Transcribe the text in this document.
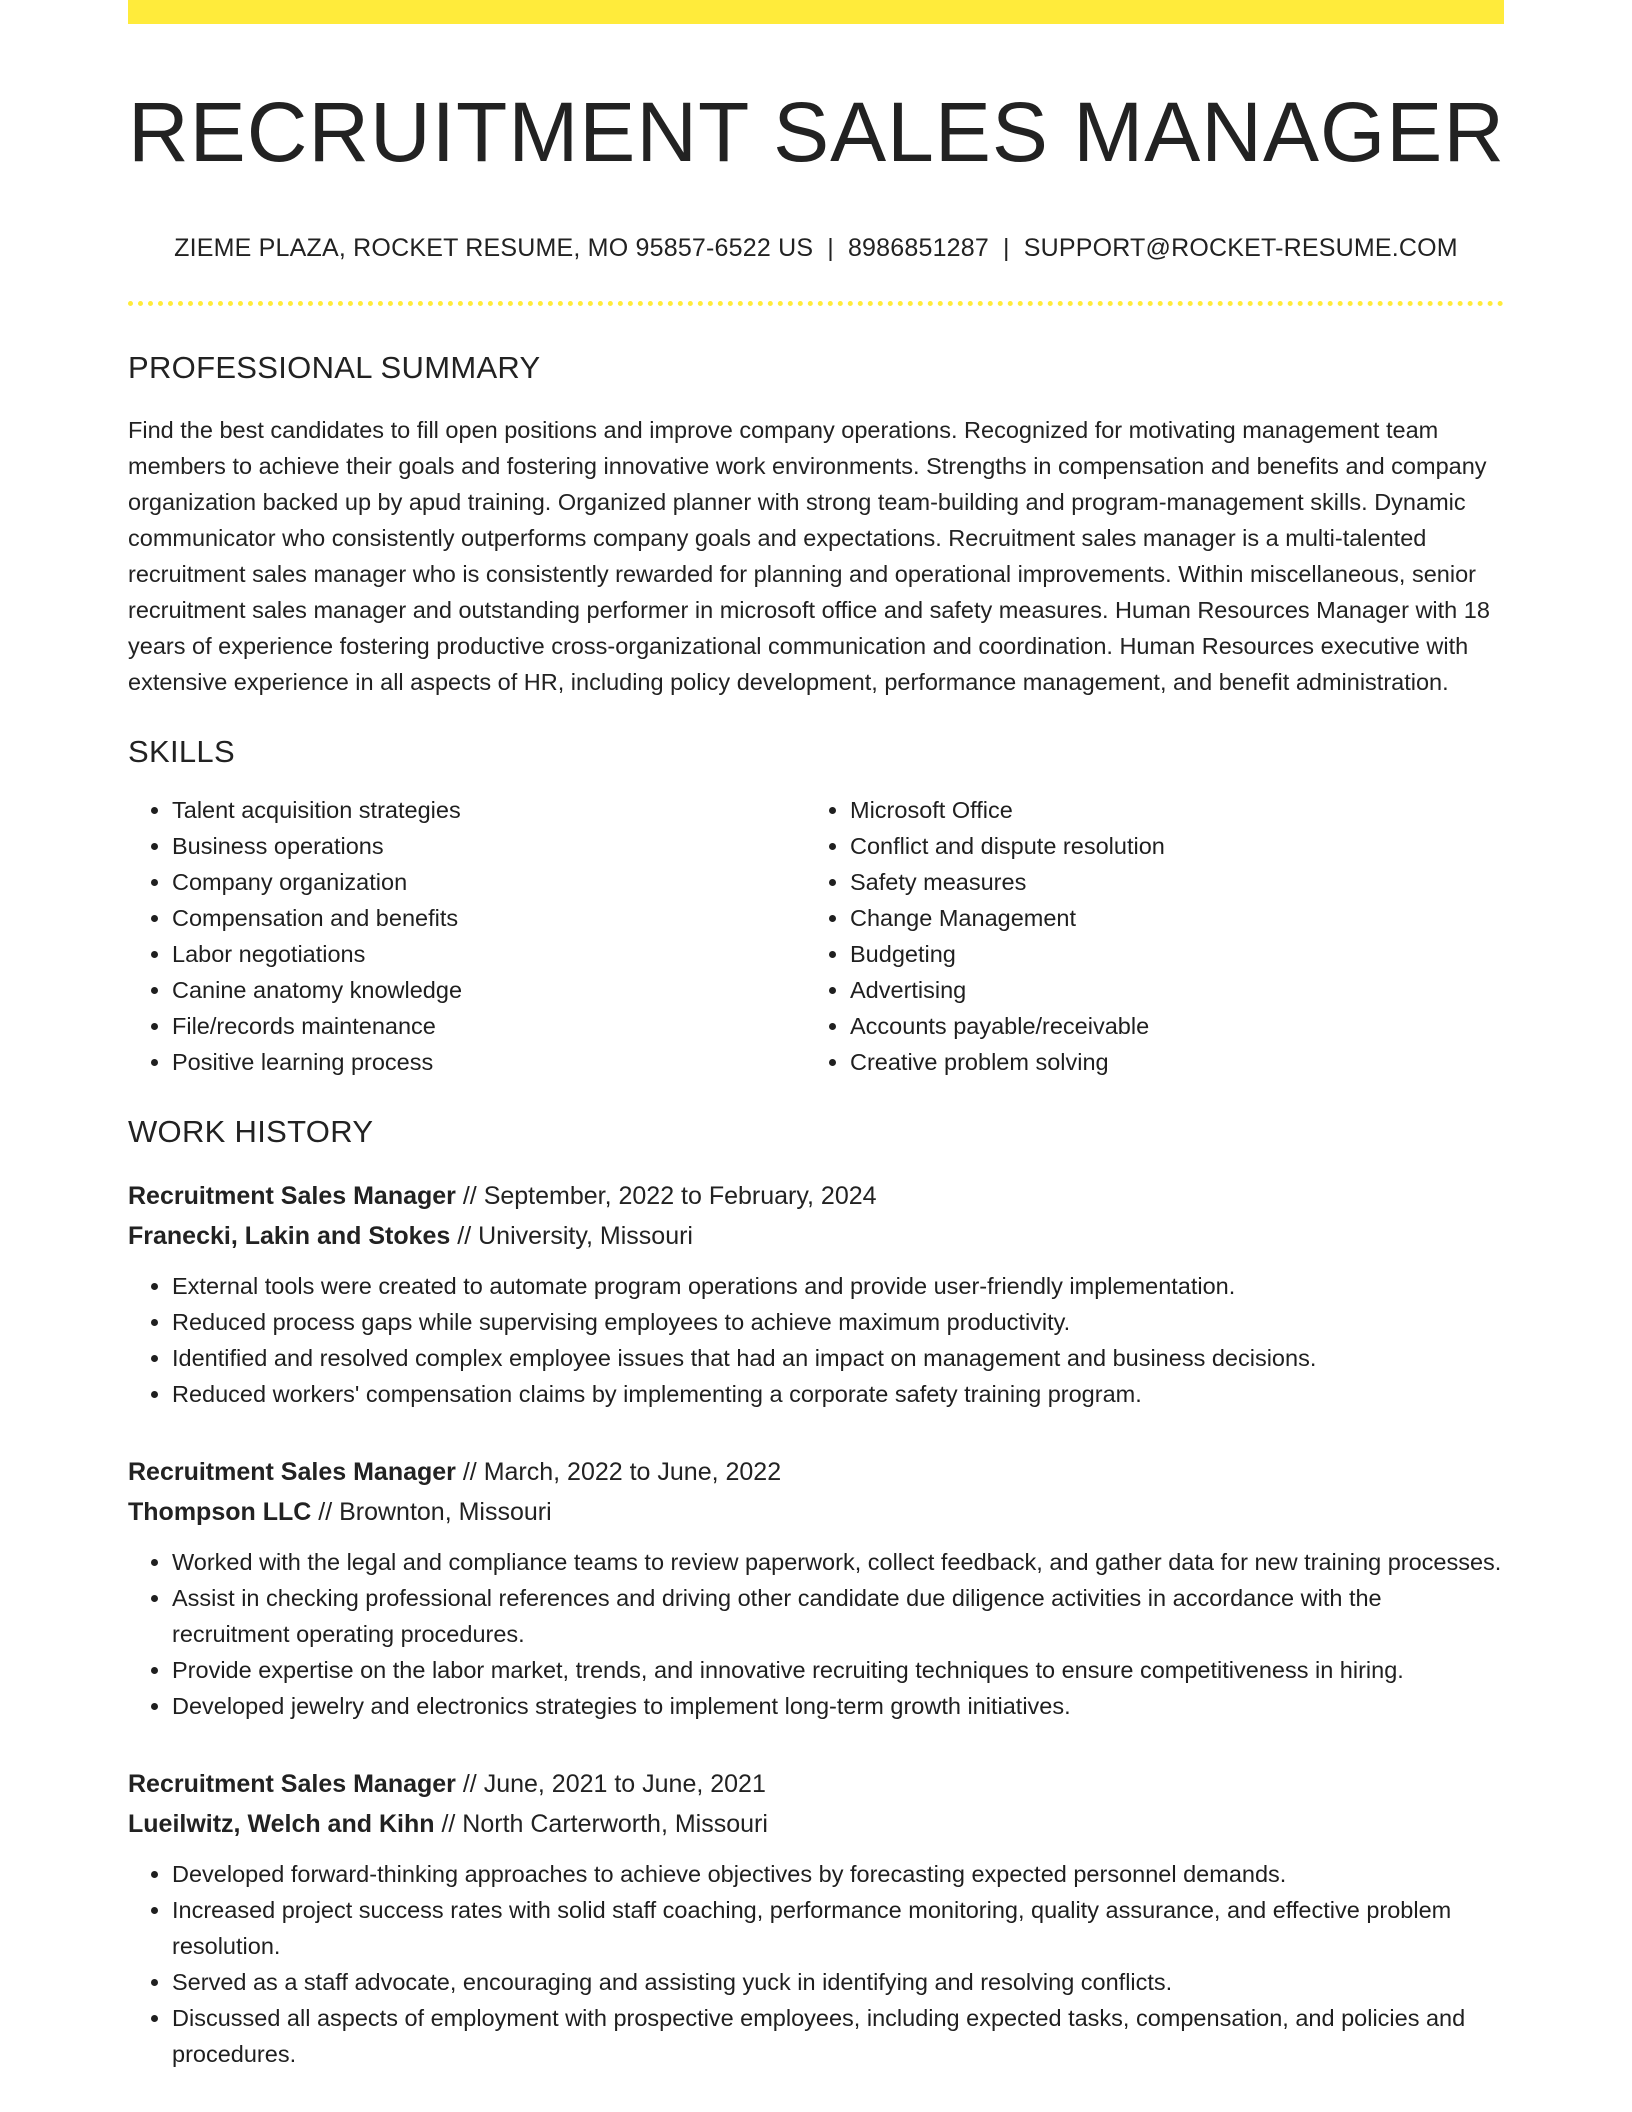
RECRUITMENT SALES MANAGER
ZIEME PLAZA, ROCKET RESUME, MO 95857-6522 US | 8986851287 | SUPPORT@ROCKET-RESUME.COM
PROFESSIONAL SUMMARY

Find the best candidates to fill open positions and improve company operations. Recognized for motivating management team members to achieve their goals and fostering innovative work environments. Strengths in compensation and benefits and company organization backed up by apud training. Organized planner with strong team-building and program-management skills. Dynamic communicator who consistently outperforms company goals and expectations. Recruitment sales manager is a multi-talented recruitment sales manager who is consistently rewarded for planning and operational improvements. Within miscellaneous, senior recruitment sales manager and outstanding performer in microsoft office and safety measures. Human Resources Manager with 18 years of experience fostering productive cross-organizational communication and coordination. Human Resources executive with extensive experience in all aspects of HR, including policy development, performance management, and benefit administration.

SKILLS
• Talent acquisition strategies
• Business operations
• Company organization
• Compensation and benefits
• Labor negotiations
• Canine anatomy knowledge
• File/records maintenance
• Positive learning process
• Microsoft Office
• Conflict and dispute resolution
• Safety measures
• Change Management
• Budgeting
• Advertising
• Accounts payable/receivable
• Creative problem solving
WORK HISTORY
Recruitment Sales Manager // September, 2022 to February, 2024
Franecki, Lakin and Stokes // University, Missouri
• External tools were created to automate program operations and provide user-friendly implementation.
• Reduced process gaps while supervising employees to achieve maximum productivity.
• Identified and resolved complex employee issues that had an impact on management and business decisions.
• Reduced workers' compensation claims by implementing a corporate safety training program.
Recruitment Sales Manager // March, 2022 to June, 2022
Thompson LLC // Brownton, Missouri
• Worked with the legal and compliance teams to review paperwork, collect feedback, and gather data for new training processes.
• Assist in checking professional references and driving other candidate due diligence activities in accordance with the recruitment operating procedures.
• Provide expertise on the labor market, trends, and innovative recruiting techniques to ensure competitiveness in hiring.
• Developed jewelry and electronics strategies to implement long-term growth initiatives.
Recruitment Sales Manager // June, 2021 to June, 2021
Lueilwitz, Welch and Kihn // North Carterworth, Missouri
• Developed forward-thinking approaches to achieve objectives by forecasting expected personnel demands.
• Increased project success rates with solid staff coaching, performance monitoring, quality assurance, and effective problem resolution.
• Served as a staff advocate, encouraging and assisting yuck in identifying and resolving conflicts.
• Discussed all aspects of employment with prospective employees, including expected tasks, compensation, and policies and procedures.
